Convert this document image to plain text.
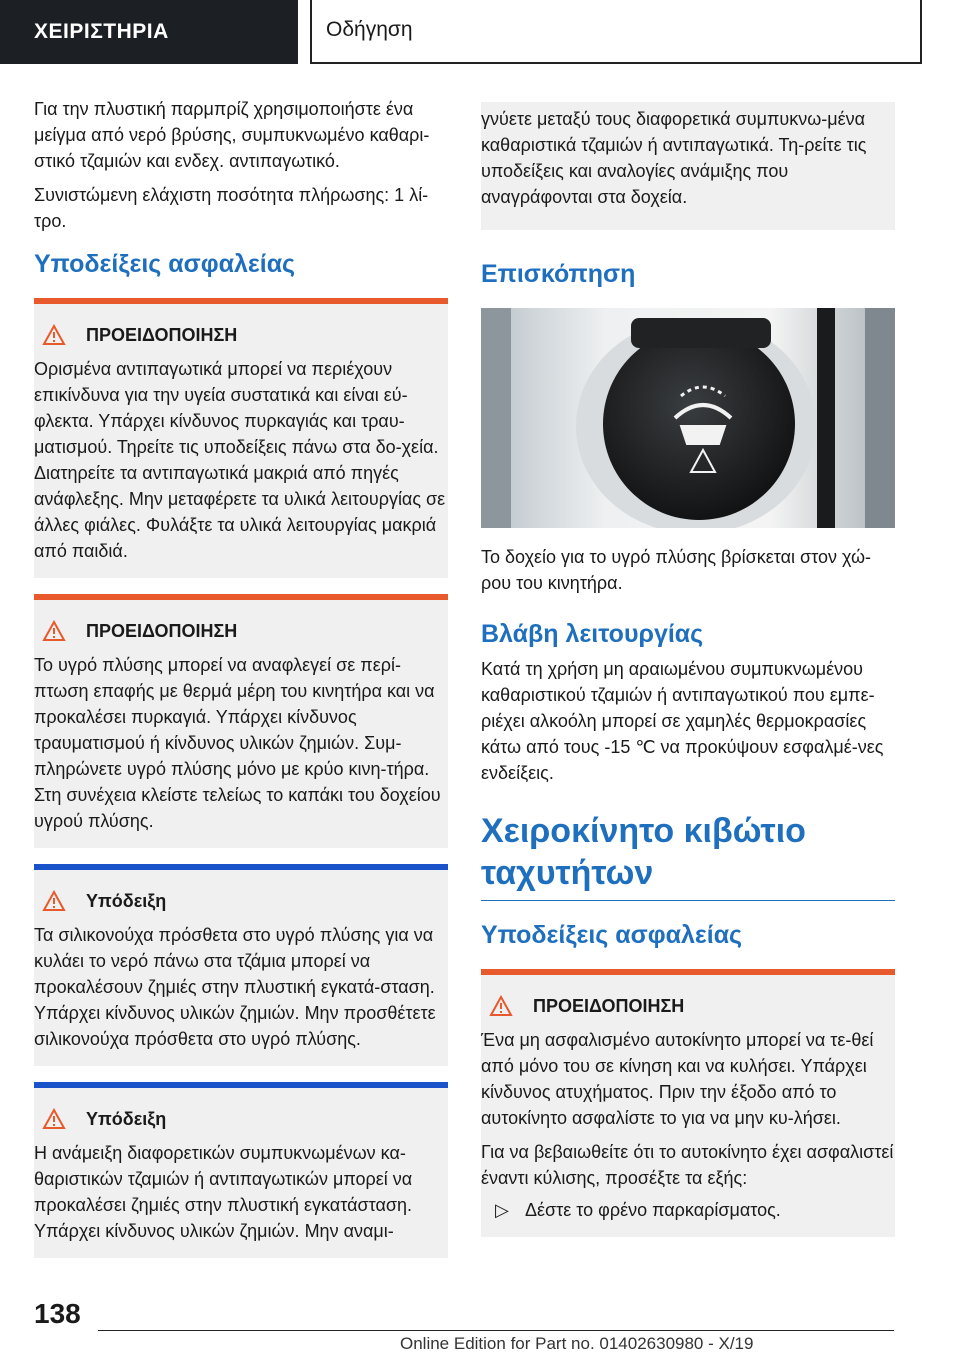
ΧΕΙΡΙΣΤΗΡΙΑ	Οδήγηση

Για την πλυστική παρμπρίζ χρησιμοποιήστε ένα μείγμα από νερό βρύσης, συμπυκνωμένο καθαρι-στικό τζαμιών και ενδεχ. αντιπαγωτικό.

Συνιστώμενη ελάχιστη ποσότητα πλήρωσης: 1 λί-τρο.

Υποδείξεις ασφαλείας
ΠΡΟΕΙΔΟΠΟΙΗΣΗ

Ορισμένα αντιπαγωτικά μπορεί να περιέχουν επικίνδυνα για την υγεία συστατικά και είναι εύ-φλεκτα. Υπάρχει κίνδυνος πυρκαγιάς και τραυ-ματισμού. Τηρείτε τις υποδείξεις πάνω στα δο-χεία. Διατηρείτε τα αντιπαγωτικά μακριά από πηγές ανάφλεξης. Μην μεταφέρετε τα υλικά λειτουργίας σε άλλες φιάλες. Φυλάξτε τα υλικά λειτουργίας μακριά από παιδιά.

ΠΡΟΕΙΔΟΠΟΙΗΣΗ

Το υγρό πλύσης μπορεί να αναφλεγεί σε περί-πτωση επαφής με θερμά μέρη του κινητήρα και να προκαλέσει πυρκαγιά. Υπάρχει κίνδυνος τραυματισμού ή κίνδυνος υλικών ζημιών. Συμ-πληρώνετε υγρό πλύσης μόνο με κρύο κινη-τήρα. Στη συνέχεια κλείστε τελείως το καπάκι του δοχείου υγρού πλύσης.

Υπόδειξη

Τα σιλικονούχα πρόσθετα στο υγρό πλύσης για να κυλάει το νερό πάνω στα τζάμια μπορεί να προκαλέσουν ζημιές στην πλυστική εγκατά-σταση. Υπάρχει κίνδυνος υλικών ζημιών. Μην προσθέτετε σιλικονούχα πρόσθετα στο υγρό πλύσης.

Υπόδειξη

Η ανάμειξη διαφορετικών συμπυκνωμένων κα-θαριστικών τζαμιών ή αντιπαγωτικών μπορεί να προκαλέσει ζημιές στην πλυστική εγκατάσταση. Υπάρχει κίνδυνος υλικών ζημιών. Μην αναμι-

γνύετε μεταξύ τους διαφορετικά συμπυκνω-μένα καθαριστικά τζαμιών ή αντιπαγωτικά. Τη-ρείτε τις υποδείξεις και αναλογίες ανάμιξης που αναγράφονται στα δοχεία.

Επισκόπηση

Το δοχείο για το υγρό πλύσης βρίσκεται στον χώ-ρου του κινητήρα.

Βλάβη λειτουργίας

Κατά τη χρήση μη αραιωμένου συμπυκνωμένου καθαριστικού τζαμιών ή αντιπαγωτικού που εμπε-ριέχει αλκοόλη μπορεί σε χαμηλές θερμοκρασίες κάτω από τους -15 ℃ να προκύψουν εσφαλμέ-νες ενδείξεις.

Χειροκίνητο κιβώτιο ταχυτήτων
Υποδείξεις ασφαλείας
ΠΡΟΕΙΔΟΠΟΙΗΣΗ

Ένα μη ασφαλισμένο αυτοκίνητο μπορεί να τε-θεί από μόνο του σε κίνηση και να κυλήσει. Υπάρχει κίνδυνος ατυχήματος. Πριν την έξοδο από το αυτοκίνητο ασφαλίστε το για να μην κυ-λήσει.

Για να βεβαιωθείτε ότι το αυτοκίνητο έχει ασφαλιστεί έναντι κύλισης, προσέξτε τα εξής:

▷ Δέστε το φρένο παρκαρίσματος.
138
Online Edition for Part no. 01402630980 - X/19
